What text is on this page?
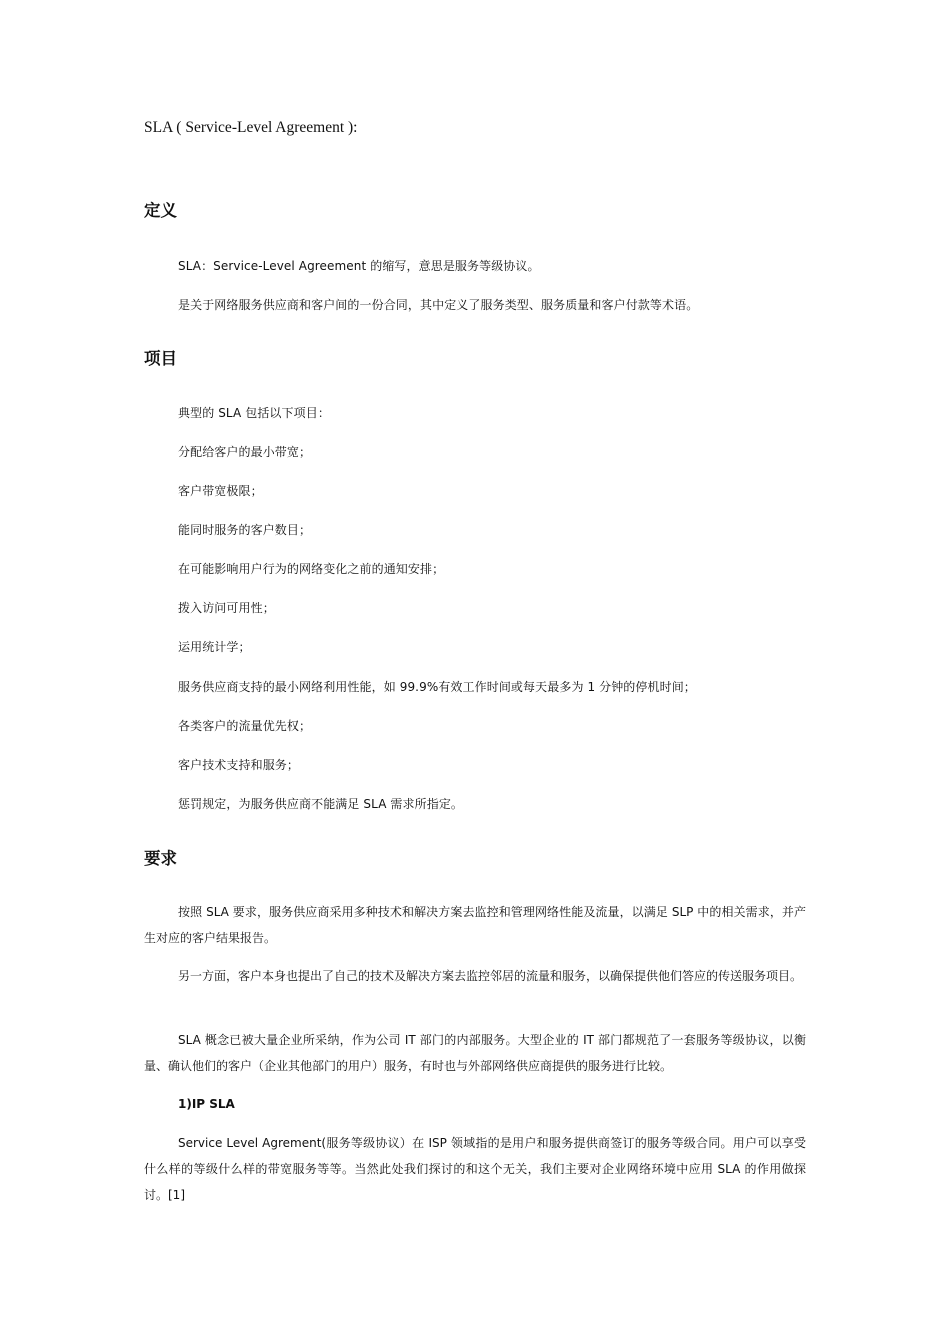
SLA ( Service-Level Agreement ):
定义
SLA：Service-Level Agreement 的缩写，意思是服务等级协议。
是关于网络服务供应商和客户间的一份合同，其中定义了服务类型、服务质量和客户付款等术语。
项目
典型的 SLA 包括以下项目：
分配给客户的最小带宽；
客户带宽极限；
能同时服务的客户数目；
在可能影响用户行为的网络变化之前的通知安排；
拨入访问可用性；
运用统计学；
服务供应商支持的最小网络利用性能，如 99.9%有效工作时间或每天最多为 1 分钟的停机时间；
各类客户的流量优先权；
客户技术支持和服务；
惩罚规定，为服务供应商不能满足 SLA 需求所指定。
要求
按照 SLA 要求，服务供应商采用多种技术和解决方案去监控和管理网络性能及流量，以满足 SLP 中的相关需求，并产生对应的客户结果报告。
另一方面，客户本身也提出了自己的技术及解决方案去监控邻居的流量和服务，以确保提供他们答应的传送服务项目。
SLA 概念已被大量企业所采纳，作为公司 IT 部门的内部服务。大型企业的 IT 部门都规范了一套服务等级协议，以衡量、确认他们的客户（企业其他部门的用户）服务，有时也与外部网络供应商提供的服务进行比较。
1)IP SLA
Service Level Agrement(服务等级协议）在 ISP 领域指的是用户和服务提供商签订的服务等级合同。用户可以享受什么样的等级什么样的带宽服务等等。当然此处我们探讨的和这个无关，我们主要对企业网络环境中应用 SLA 的作用做探讨。[1]
